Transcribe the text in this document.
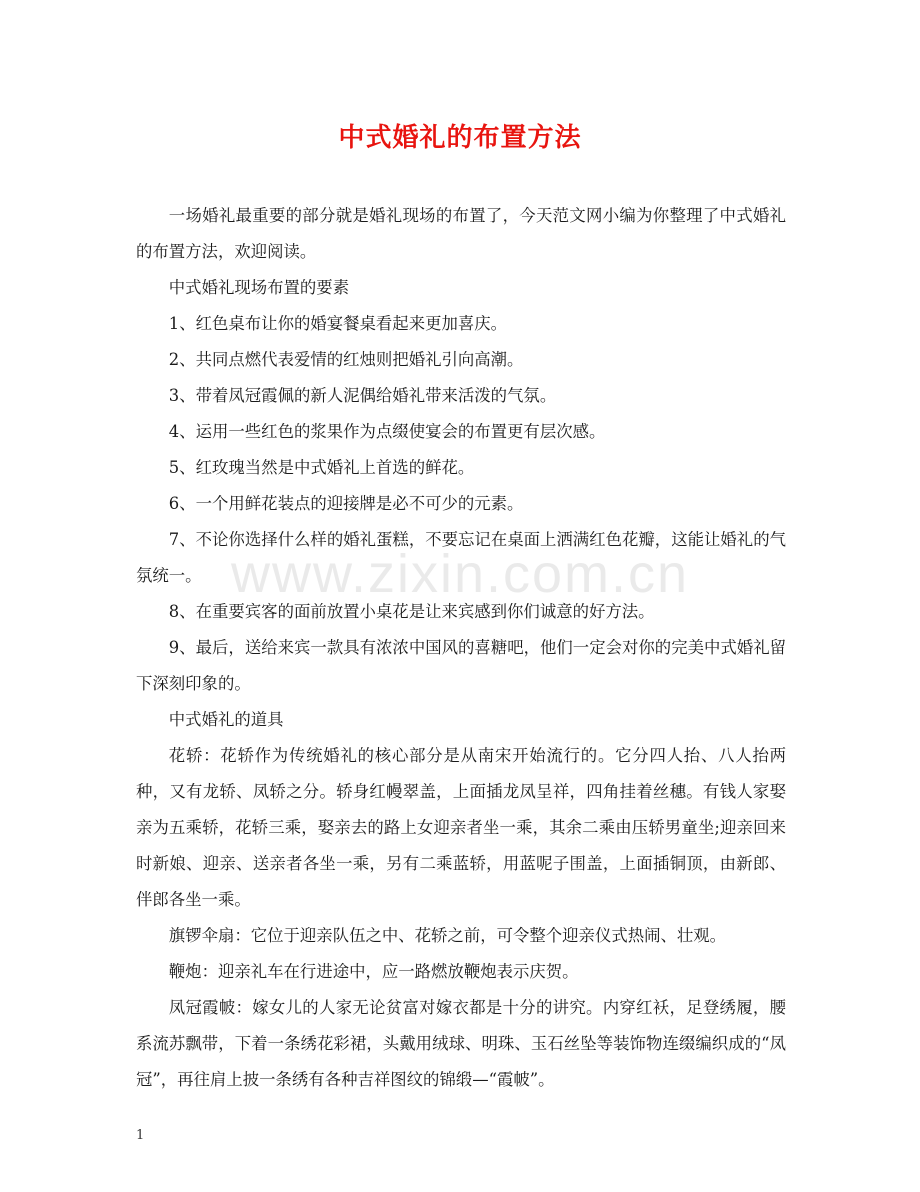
中式婚礼的布置方法

一场婚礼最重要的部分就是婚礼现场的布置了，今天范文网小编为你整理了中式婚礼的布置方法，欢迎阅读。

中式婚礼现场布置的要素

1、红色桌布让你的婚宴餐桌看起来更加喜庆。

2、共同点燃代表爱情的红烛则把婚礼引向高潮。

3、带着凤冠霞佩的新人泥偶给婚礼带来活泼的气氛。

4、运用一些红色的浆果作为点缀使宴会的布置更有层次感。

5、红玫瑰当然是中式婚礼上首选的鲜花。

6、一个用鲜花装点的迎接牌是必不可少的元素。

7、不论你选择什么样的婚礼蛋糕，不要忘记在桌面上洒满红色花瓣，这能让婚礼的气氛统一。

8、在重要宾客的面前放置小桌花是让来宾感到你们诚意的好方法。

9、最后，送给来宾一款具有浓浓中国风的喜糖吧，他们一定会对你的完美中式婚礼留下深刻印象的。

中式婚礼的道具

花轿：花轿作为传统婚礼的核心部分是从南宋开始流行的。它分四人抬、八人抬两种，又有龙轿、凤轿之分。轿身红幔翠盖，上面插龙凤呈祥，四角挂着丝穗。有钱人家娶亲为五乘轿，花轿三乘，娶亲去的路上女迎亲者坐一乘，其余二乘由压轿男童坐;迎亲回来时新娘、迎亲、送亲者各坐一乘，另有二乘蓝轿，用蓝呢子围盖，上面插铜顶，由新郎、伴郎各坐一乘。

旗锣伞扇：它位于迎亲队伍之中、花轿之前，可令整个迎亲仪式热闹、壮观。

鞭炮：迎亲礼车在行进途中，应一路燃放鞭炮表示庆贺。

凤冠霞帔：嫁女儿的人家无论贫富对嫁衣都是十分的讲究。内穿红袄，足登绣履，腰系流苏飘带，下着一条绣花彩裙，头戴用绒球、明珠、玉石丝坠等装饰物连缀编织成的“凤冠”，再往肩上披一条绣有各种吉祥图纹的锦缎—“霞帔”。

www.zixin.com.cn
1
